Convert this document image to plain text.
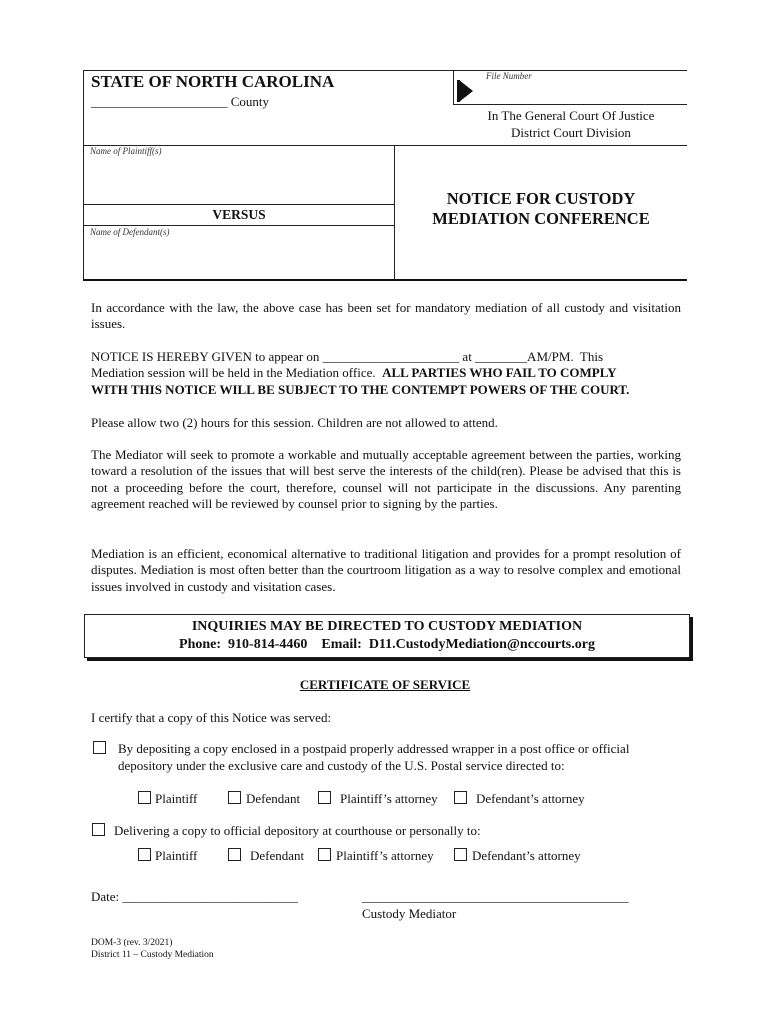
STATE OF NORTH CAROLINA
_____________________ County
File Number
In The General Court Of Justice
District Court Division
Name of Plaintiff(s)
VERSUS
Name of Defendant(s)
NOTICE FOR CUSTODY
MEDIATION CONFERENCE
In accordance with the law, the above case has been set for mandatory mediation of all custody and visitation issues.
NOTICE IS HEREBY GIVEN to appear on _____________________ at ________AM/PM.  This
Mediation session will be held in the Mediation office.  ALL PARTIES WHO FAIL TO COMPLY
WITH THIS NOTICE WILL BE SUBJECT TO THE CONTEMPT POWERS OF THE COURT.
Please allow two (2) hours for this session. Children are not allowed to attend.
The Mediator will seek to promote a workable and mutually acceptable agreement between the parties, working toward a resolution of the issues that will best serve the interests of the child(ren). Please be advised that this is not a proceeding before the court, therefore, counsel will not participate in the discussions. Any parenting agreement reached will be reviewed by counsel prior to signing by the parties.
Mediation is an efficient, economical alternative to traditional litigation and provides for a prompt resolution of disputes. Mediation is most often better than the courtroom litigation as a way to resolve complex and emotional issues involved in custody and visitation cases.
INQUIRIES MAY BE DIRECTED TO CUSTODY MEDIATION
Phone:  910-814-4460    Email:  D11.CustodyMediation@nccourts.org
CERTIFICATE OF SERVICE
I certify that a copy of this Notice was served:
By depositing a copy enclosed in a postpaid properly addressed wrapper in a post office or official
depository under the exclusive care and custody of the U.S. Postal service directed to:
Plaintiff	Defendant	Plaintiff’s attorney	Defendant’s attorney
Delivering a copy to official depository at courthouse or personally to:
Plaintiff	Defendant Plaintiff’s attorney	Defendant’s attorney
Date: ___________________________	_________________________________________
Custody Mediator
DOM-3 (rev. 3/2021)
District 11 – Custody Mediation
